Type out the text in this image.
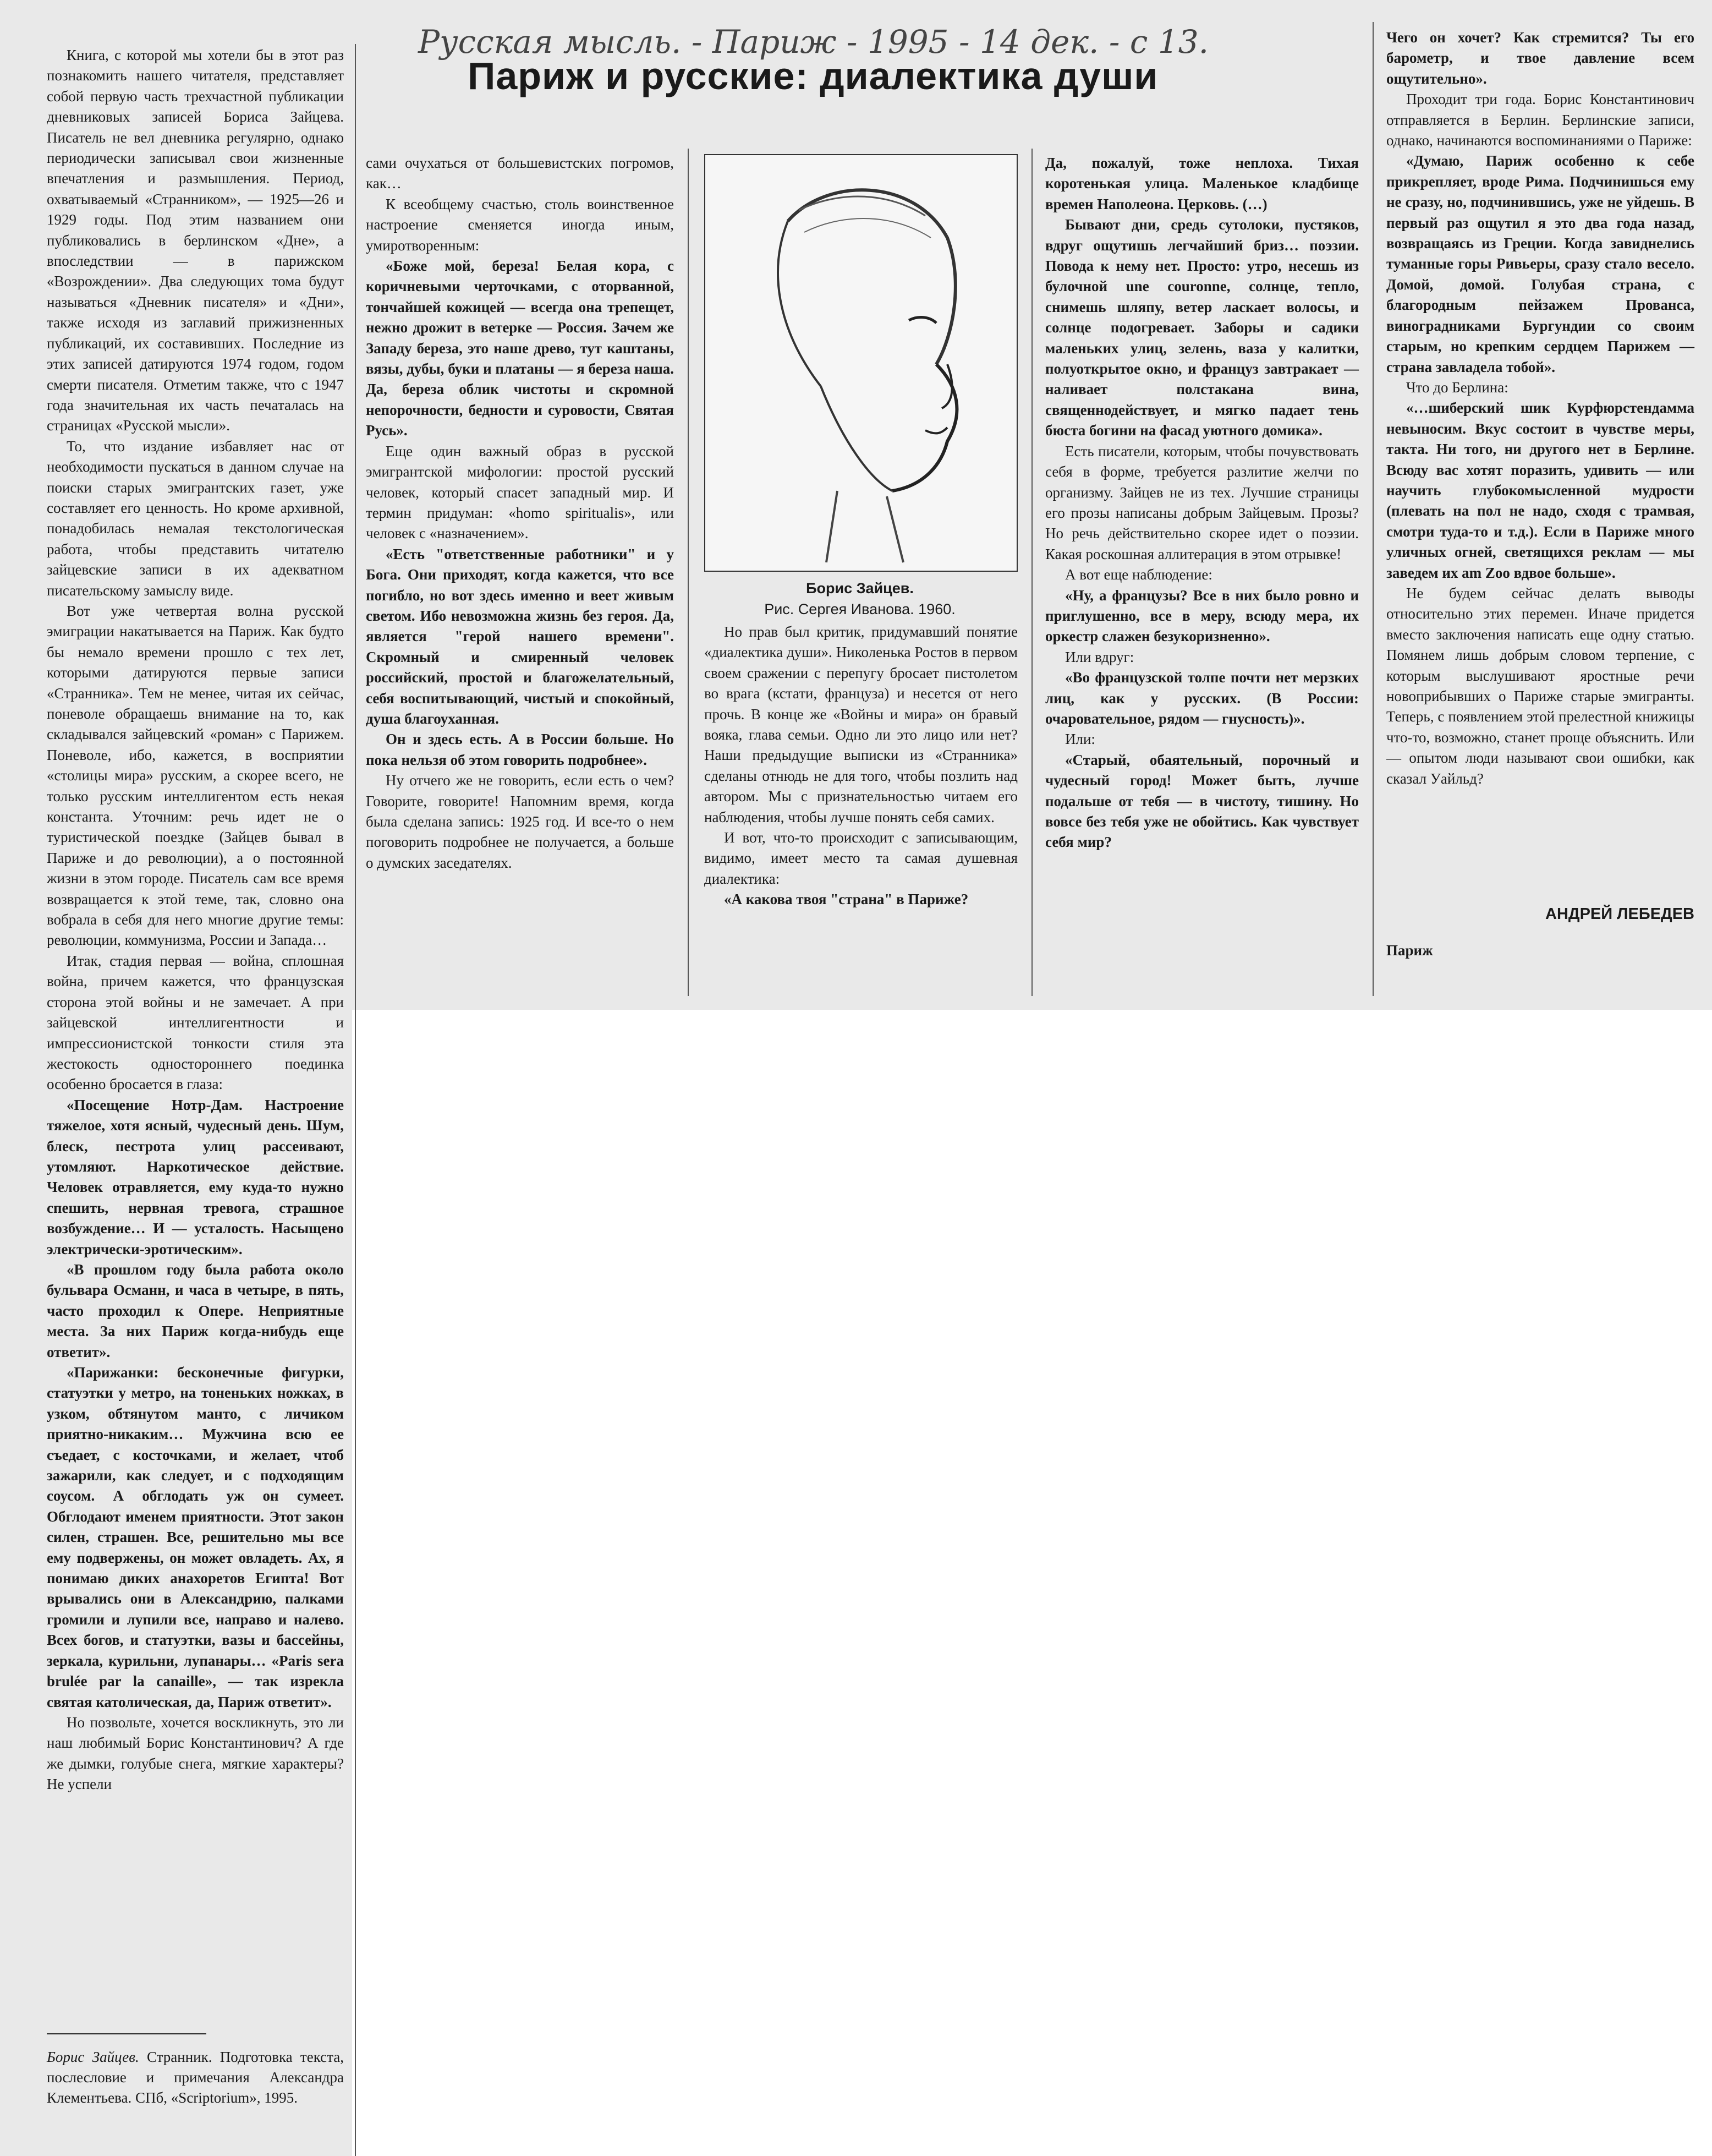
Русская мысль. - Париж - 1995 - 14 дек. - с 13.
Париж и русские: диалектика души

Книга, с которой мы хотели бы в этот раз познакомить нашего читателя, представляет собой первую часть трехчастной публикации дневниковых записей Бориса Зайцева. Писатель не вел дневника регулярно, однако периодически записывал свои жизненные впечатления и размышления. Период, охватываемый «Странником», — 1925—26 и 1929 годы. Под этим названием они публиковались в берлинском «Дне», а впоследствии — в парижском «Возрождении». Два следующих тома будут называться «Дневник писателя» и «Дни», также исходя из заглавий прижизненных публикаций, их составивших. Последние из этих записей датируются 1974 годом, годом смерти писателя. Отметим также, что с 1947 года значительная их часть печаталась на страницах «Русской мысли».

То, что издание избавляет нас от необходимости пускаться в данном случае на поиски старых эмигрантских газет, уже составляет его ценность. Но кроме архивной, понадобилась немалая текстологическая работа, чтобы представить читателю зайцевские записи в их адекватном писательскому замыслу виде.

Вот уже четвертая волна русской эмиграции накатывается на Париж. Как будто бы немало времени прошло с тех лет, которыми датируются первые записи «Странника». Тем не менее, читая их сейчас, поневоле обращаешь внимание на то, как складывался зайцевский «роман» с Парижем. Поневоле, ибо, кажется, в восприятии «столицы мира» русским, а скорее всего, не только русским интеллигентом есть некая константа. Уточним: речь идет не о туристической поездке (Зайцев бывал в Париже и до революции), а о постоянной жизни в этом городе. Писатель сам все время возвращается к этой теме, так, словно она вобрала в себя для него многие другие темы: революции, коммунизма, России и Запада…

Итак, стадия первая — война, сплошная война, причем кажется, что французская сторона этой войны и не замечает. А при зайцевской интеллигентности и импрессионистской тонкости стиля эта жестокость одностороннего поединка особенно бросается в глаза:

«Посещение Нотр-Дам. Настроение тяжелое, хотя ясный, чудесный день. Шум, блеск, пестрота улиц рассеивают, утомляют. Наркотическое действие. Человек отравляется, ему куда-то нужно спешить, нервная тревога, страшное возбуждение… И — усталость. Насыщено электрически-эротическим».

«В прошлом году была работа около бульвара Османн, и часа в четыре, в пять, часто проходил к Опере. Неприятные места. За них Париж когда-нибудь еще ответит».

«Парижанки: бесконечные фигурки, статуэтки у метро, на тоненьких ножках, в узком, обтянутом манто, с личиком приятно-никаким… Мужчина всю ее съедает, с косточками, и желает, чтоб зажарили, как следует, и с подходящим соусом. А обглодать уж он сумеет. Обглодают именем приятности. Этот закон силен, страшен. Все, решительно мы все ему подвержены, он может овладеть. Ах, я понимаю диких анахоретов Египта! Вот врывались они в Александрию, палками громили и лупили все, направо и налево. Всех богов, и статуэтки, вазы и бассейны, зеркала, курильни, лупанары… «Paris sera brulée par la canaille», — так изрекла святая католическая, да, Париж ответит».

Но позвольте, хочется воскликнуть, это ли наш любимый Борис Константинович? А где же дымки, голубые снега, мягкие характеры? Не успели

сами очухаться от большевистских погромов, как…

К всеобщему счастью, столь воинственное настроение сменяется иногда иным, умиротворенным:

«Боже мой, береза! Белая кора, с коричневыми черточками, с оторванной, тончайшей кожицей — всегда она трепещет, нежно дрожит в ветерке — Россия. Зачем же Западу береза, это наше древо, тут каштаны, вязы, дубы, буки и платаны — я береза наша. Да, береза облик чистоты и скромной непорочности, бедности и суровости, Святая Русь».

Еще один важный образ в русской эмигрантской мифологии: простой русский человек, который спасет западный мир. И термин придуман: «homo spiritualis», или человек с «назначением».

«Есть "ответственные работники" и у Бога. Они приходят, когда кажется, что все погибло, но вот здесь именно и веет живым светом. Ибо невозможна жизнь без героя. Да, является "герой нашего времени". Скромный и смиренный человек российский, простой и благожелательный, себя воспитывающий, чистый и спокойный, душа благоуханная.

Он и здесь есть. А в России больше. Но пока нельзя об этом говорить подробнее».

Ну отчего же не говорить, если есть о чем? Говорите, говорите! Напомним время, когда была сделана запись: 1925 год. И все-то о нем поговорить подробнее не получается, а больше о думских заседателях.

Но прав был критик, придумавший понятие «диалектика души». Николенька Ростов в первом своем сражении с перепугу бросает пистолетом во врага (кстати, француза) и несется от него прочь. В конце же «Войны и мира» он бравый вояка, глава семьи. Одно ли это лицо или нет? Наши предыдущие выписки из «Странника» сделаны отнюдь не для того, чтобы позлить над автором. Мы с признательностью читаем его наблюдения, чтобы лучше понять себя самих.

И вот, что-то происходит с записывающим, видимо, имеет место та самая душевная диалектика:

«А какова твоя "страна" в Париже?

Да, пожалуй, тоже неплоха. Тихая коротенькая улица. Маленькое кладбище времен Наполеона. Церковь. (…)

Бывают дни, средь сутолоки, пустяков, вдруг ощутишь легчайший бриз… поэзии. Повода к нему нет. Просто: утро, несешь из булочной une couronne, солнце, тепло, снимешь шляпу, ветер ласкает волосы, и солнце подогревает. Заборы и садики маленьких улиц, зелень, ваза у калитки, полуоткрытое окно, и француз завтракает — наливает полстакана вина, священнодействует, и мягко падает тень бюста богини на фасад уютного домика».

Есть писатели, которым, чтобы почувствовать себя в форме, требуется разлитие желчи по организму. Зайцев не из тех. Лучшие страницы его прозы написаны добрым Зайцевым. Прозы? Но речь действительно скорее идет о поэзии. Какая роскошная аллитерация в этом отрывке!

А вот еще наблюдение:

«Ну, а французы? Все в них было ровно и приглушенно, все в меру, всюду мера, их оркестр слажен безукоризненно».

Или вдруг:

«Во французской толпе почти нет мерзких лиц, как у русских. (В России: очаровательное, рядом — гнусность)».

Или:

«Старый, обаятельный, порочный и чудесный город! Может быть, лучше подальше от тебя — в чистоту, тишину. Но вовсе без тебя уже не обойтись. Как чувствует себя мир?

Чего он хочет? Как стремится? Ты его барометр, и твое давление всем ощутительно».

Проходит три года. Борис Константинович отправляется в Берлин. Берлинские записи, однако, начинаются воспоминаниями о Париже:

«Думаю, Париж особенно к себе прикрепляет, вроде Рима. Подчинишься ему не сразу, но, подчинившись, уже не уйдешь. В первый раз ощутил я это два года назад, возвращаясь из Греции. Когда завиднелись туманные горы Ривьеры, сразу стало весело. Домой, домой. Голубая страна, с благородным пейзажем Прованса, виноградниками Бургундии со своим старым, но крепким сердцем Парижем — страна завладела тобой».

Что до Берлина:

«…шиберский шик Курфюрстендамма невыносим. Вкус состоит в чувстве меры, такта. Ни того, ни другого нет в Берлине. Всюду вас хотят поразить, удивить — или научить глубокомысленной мудрости (плевать на пол не надо, сходя с трамвая, смотри туда-то и т.д.). Если в Париже много уличных огней, светящихся реклам — мы заведем их am Zoo вдвое больше».

Не будем сейчас делать выводы относительно этих перемен. Иначе придется вместо заключения написать еще одну статью. Помянем лишь добрым словом терпение, с которым выслушивают яростные речи новоприбывших о Париже старые эмигранты. Теперь, с появлением этой прелестной книжицы что-то, возможно, станет проще объяснить. Или — опытом люди называют свои ошибки, как сказал Уайльд?

Борис Зайцев.
Рис. Сергея Иванова. 1960.
АНДРЕЙ ЛЕБЕДЕВ
Париж
Борис Зайцев. Странник. Подготовка текста, послесловие и примечания Александра Клементьева. СПб, «Scriptorium», 1995.
